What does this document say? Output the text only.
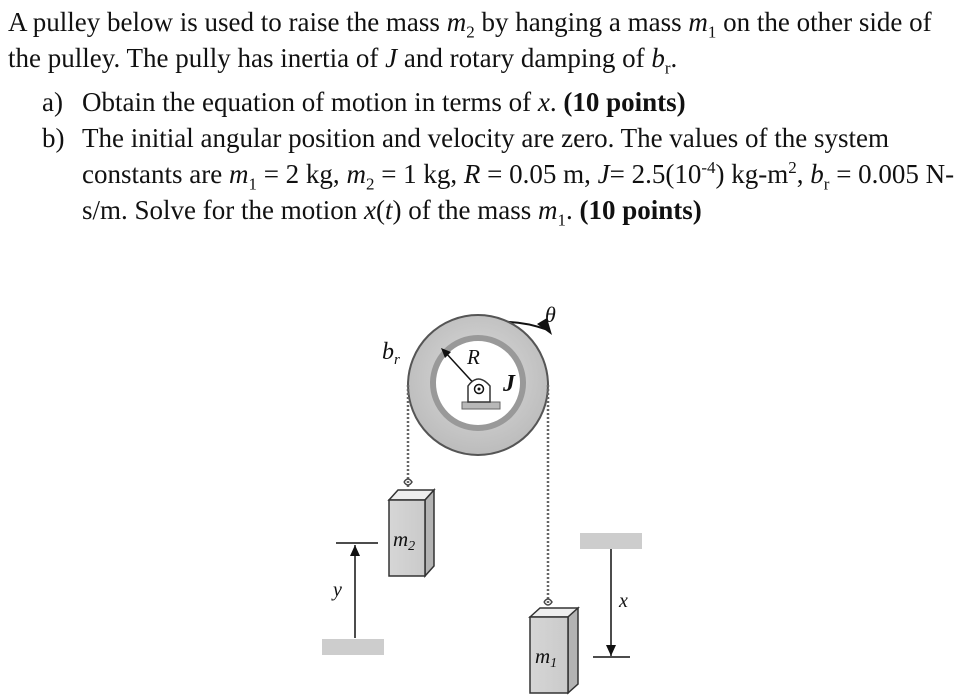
A pulley below is used to raise the mass $m_2$ by hanging a mass $m_1$ on the other side of the pulley. The pully has inertia of J and rotary damping of $b_r$.

a) Obtain the equation of motion in terms of x. (10 points)
b) The initial angular position and velocity are zero. The values of the system constants are $m_1 = 2$ kg, $m_2 = 1$ kg, R = 0.05 m, $J= 2.5(10^{-4})$ $kg-m^2$, $b_r = 0.005$ N-s/m. Solve for the motion x(t) of the mass $m_1$. (10 points)
θ
R
J
$b_r$
m2
m1
y	x
